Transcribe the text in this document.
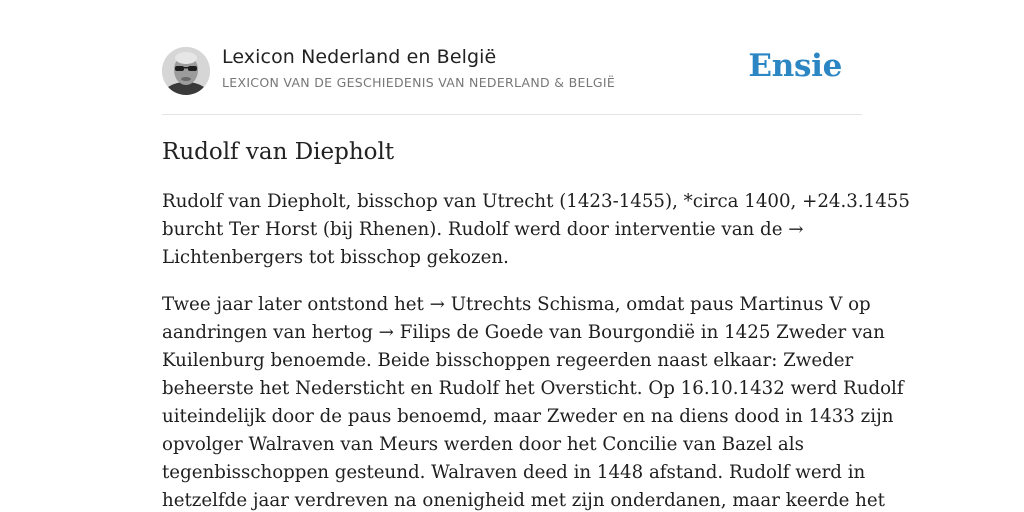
Lexicon Nederland en België
LEXICON VAN DE GESCHIEDENIS VAN NEDERLAND & BELGIË	Ensie
Rudolf van Diepholt
Rudolf van Diepholt, bisschop van Utrecht (1423-1455), *circa 1400, +24.3.1455
burcht Ter Horst (bij Rhenen). Rudolf werd door interventie van de →
Lichtenbergers tot bisschop gekozen.
Twee jaar later ontstond het → Utrechts Schisma, omdat paus Martinus V op
aandringen van hertog → Filips de Goede van Bourgondië in 1425 Zweder van
Kuilenburg benoemde. Beide bisschoppen regeerden naast elkaar: Zweder
beheerste het Nedersticht en Rudolf het Oversticht. Op 16.10.1432 werd Rudolf
uiteindelijk door de paus benoemd, maar Zweder en na diens dood in 1433 zijn
opvolger Walraven van Meurs werden door het Concilie van Bazel als
tegenbisschoppen gesteund. Walraven deed in 1448 afstand. Rudolf werd in
hetzelfde jaar verdreven na onenigheid met zijn onderdanen, maar keerde het
